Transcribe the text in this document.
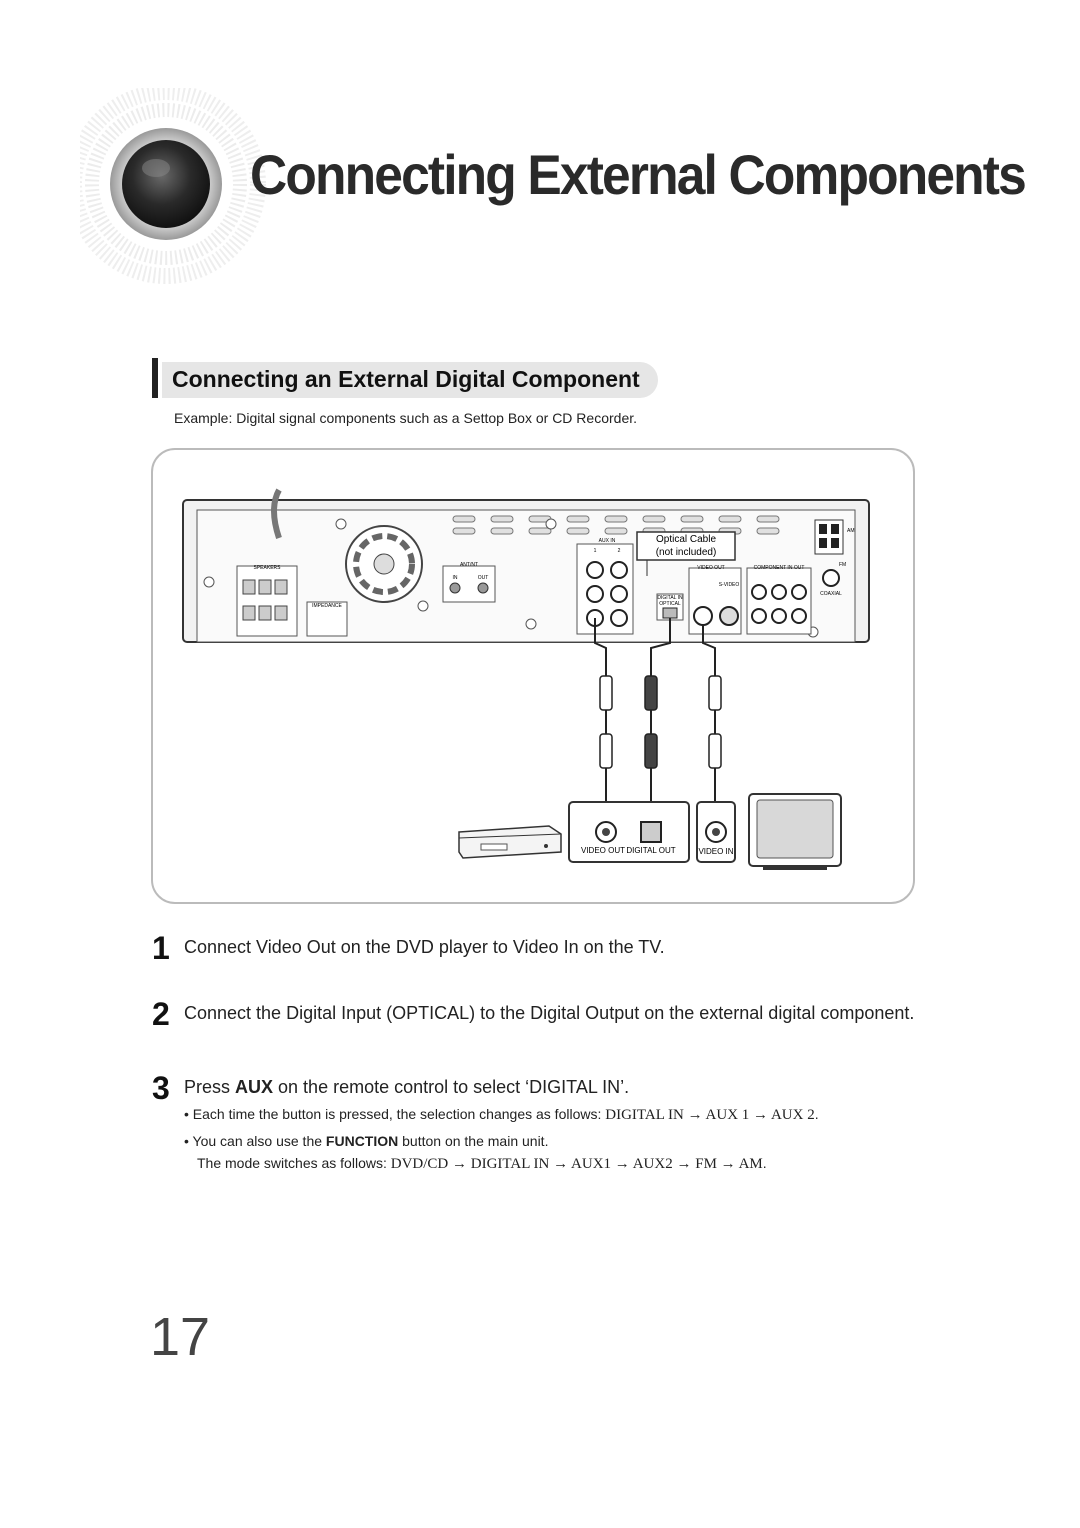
Connecting External Components
Connecting an External Digital Component
Example: Digital signal components such as a Settop Box or CD Recorder.
SPEAKERS
IMPEDANCE
ANT/NT
IN	OUT
AUX IN
1	2
DIGITAL IN
OPTICAL
VIDEO OUT
S-VIDEO
COMPONENT IN OUT
AM
FM
COAXIAL
Optical Cable
(not included)
VIDEO OUT DIGITAL OUT	VIDEO IN
1 Connect Video Out on the DVD player to Video In on the TV.
2 Connect the Digital Input (OPTICAL) to the Digital Output on the external digital component.
3 Press AUX on the remote control to select ‘DIGITAL IN’.
• Each time the button is pressed, the selection changes as follows: DIGITAL IN → AUX 1 → AUX 2.
• You can also use the FUNCTION button on the main unit.
The mode switches as follows: DVD/CD → DIGITAL IN → AUX1 → AUX2 → FM → AM.
17
